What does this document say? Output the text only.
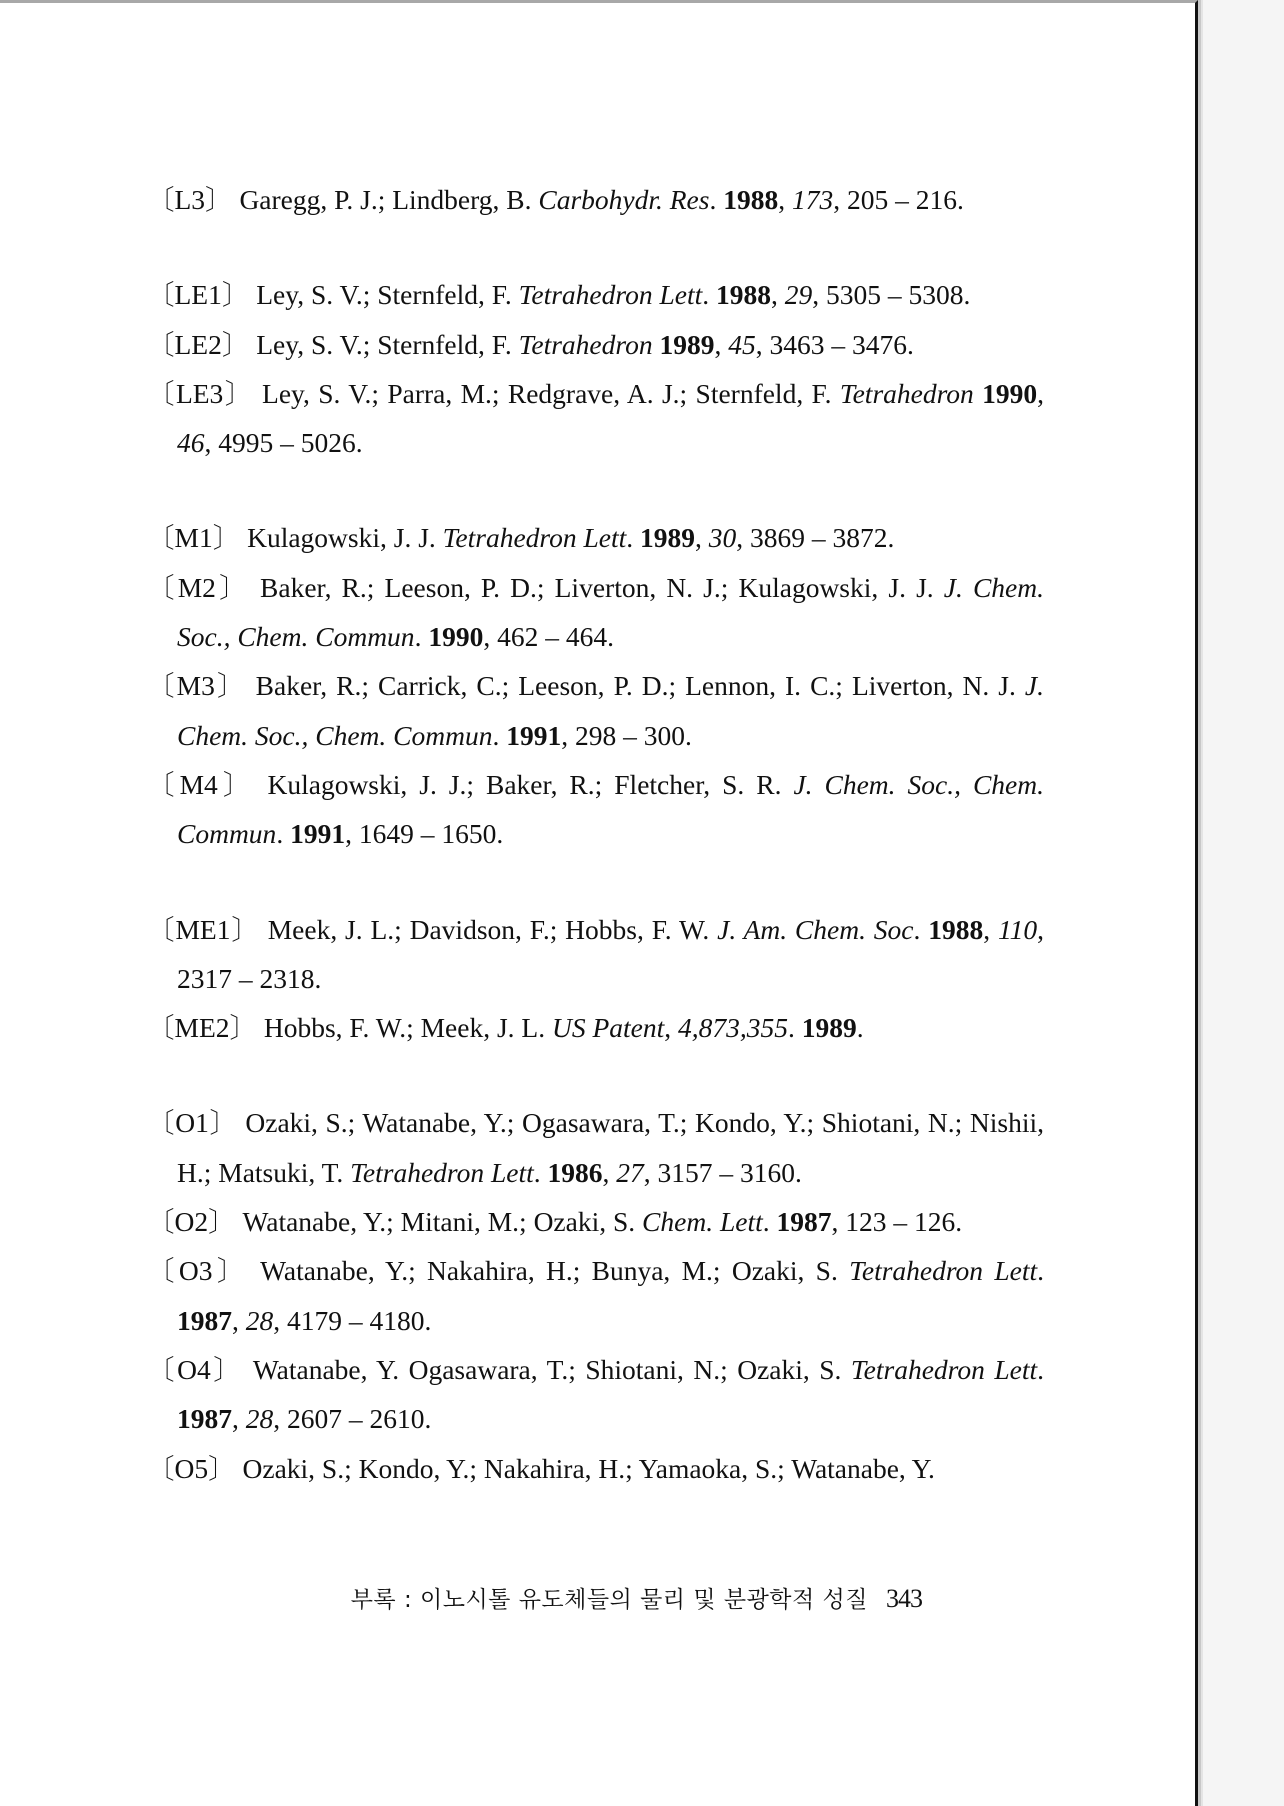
〔L3〕 Garegg, P. J.; Lindberg, B. Carbohydr. Res. 1988, 173, 205 – 216.
〔LE1〕 Ley, S. V.; Sternfeld, F. Tetrahedron Lett. 1988, 29, 5305 – 5308.
〔LE2〕 Ley, S. V.; Sternfeld, F. Tetrahedron 1989, 45, 3463 – 3476.
〔LE3〕 Ley, S. V.; Parra, M.; Redgrave, A. J.; Sternfeld, F. Tetrahedron 1990, 46, 4995 – 5026.
〔M1〕 Kulagowski, J. J. Tetrahedron Lett. 1989, 30, 3869 – 3872.
〔M2〕 Baker, R.; Leeson, P. D.; Liverton, N. J.; Kulagowski, J. J. J. Chem. Soc., Chem. Commun. 1990, 462 – 464.
〔M3〕 Baker, R.; Carrick, C.; Leeson, P. D.; Lennon, I. C.; Liverton, N. J. J. Chem. Soc., Chem. Commun. 1991, 298 – 300.
〔M4〕 Kulagowski, J. J.; Baker, R.; Fletcher, S. R. J. Chem. Soc., Chem. Commun. 1991, 1649 – 1650.
〔ME1〕 Meek, J. L.; Davidson, F.; Hobbs, F. W. J. Am. Chem. Soc. 1988, 110, 2317 – 2318.
〔ME2〕 Hobbs, F. W.; Meek, J. L. US Patent, 4,873,355. 1989.
〔O1〕 Ozaki, S.; Watanabe, Y.; Ogasawara, T.; Kondo, Y.; Shiotani, N.; Nishii, H.; Matsuki, T. Tetrahedron Lett. 1986, 27, 3157 – 3160.
〔O2〕 Watanabe, Y.; Mitani, M.; Ozaki, S. Chem. Lett. 1987, 123 – 126.
〔O3〕 Watanabe, Y.; Nakahira, H.; Bunya, M.; Ozaki, S. Tetrahedron Lett. 1987, 28, 4179 – 4180.
〔O4〕 Watanabe, Y. Ogasawara, T.; Shiotani, N.; Ozaki, S. Tetrahedron Lett. 1987, 28, 2607 – 2610.
〔O5〕 Ozaki, S.; Kondo, Y.; Nakahira, H.; Yamaoka, S.; Watanabe, Y.
부록 : 이노시톨 유도체들의 물리 및 분광학적 성질 343
